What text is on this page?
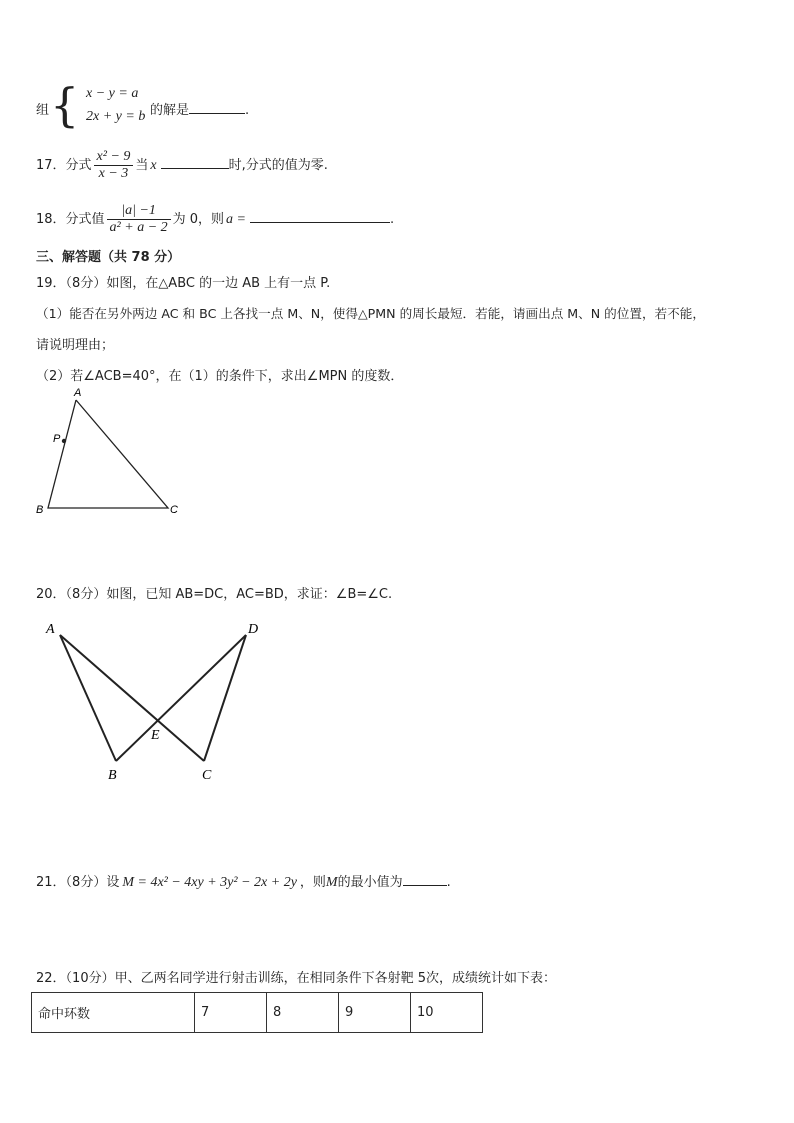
组 { x − y = a
2x + y = b 的解是	.
17．分式 $\frac{\text{x² − 9}}{x - 3}$ 当 x	时,分式的值为零.
18．分式值 $\frac{|a| -1}{\text{a² + a − 2}}$ 为 0，则 a =	.
三、解答题（共 78 分）
19．（8分）如图，在△ABC 的一边 AB 上有一点 P.
（1）能否在另外两边 AC 和 BC 上各找一点 M、N，使得△PMN 的周长最短．若能，请画出点 M、N 的位置，若不能，
请说明理由；
（2）若∠ACB=40°，在（1）的条件下，求出∠MPN 的度数．
A
P
B	C
20．（8分）如图，已知 AB=DC，AC=BD，求证：∠B=∠C.
A	D
E
B	C
21．（8分）设 M = 4x² − 4xy + 3y² − 2x + 2y ，则M的最小值为	.
22．（10分）甲、乙两名同学进行射击训练，在相同条件下各射靶 5次，成绩统计如下表：
命中环数	7	8	9	10
